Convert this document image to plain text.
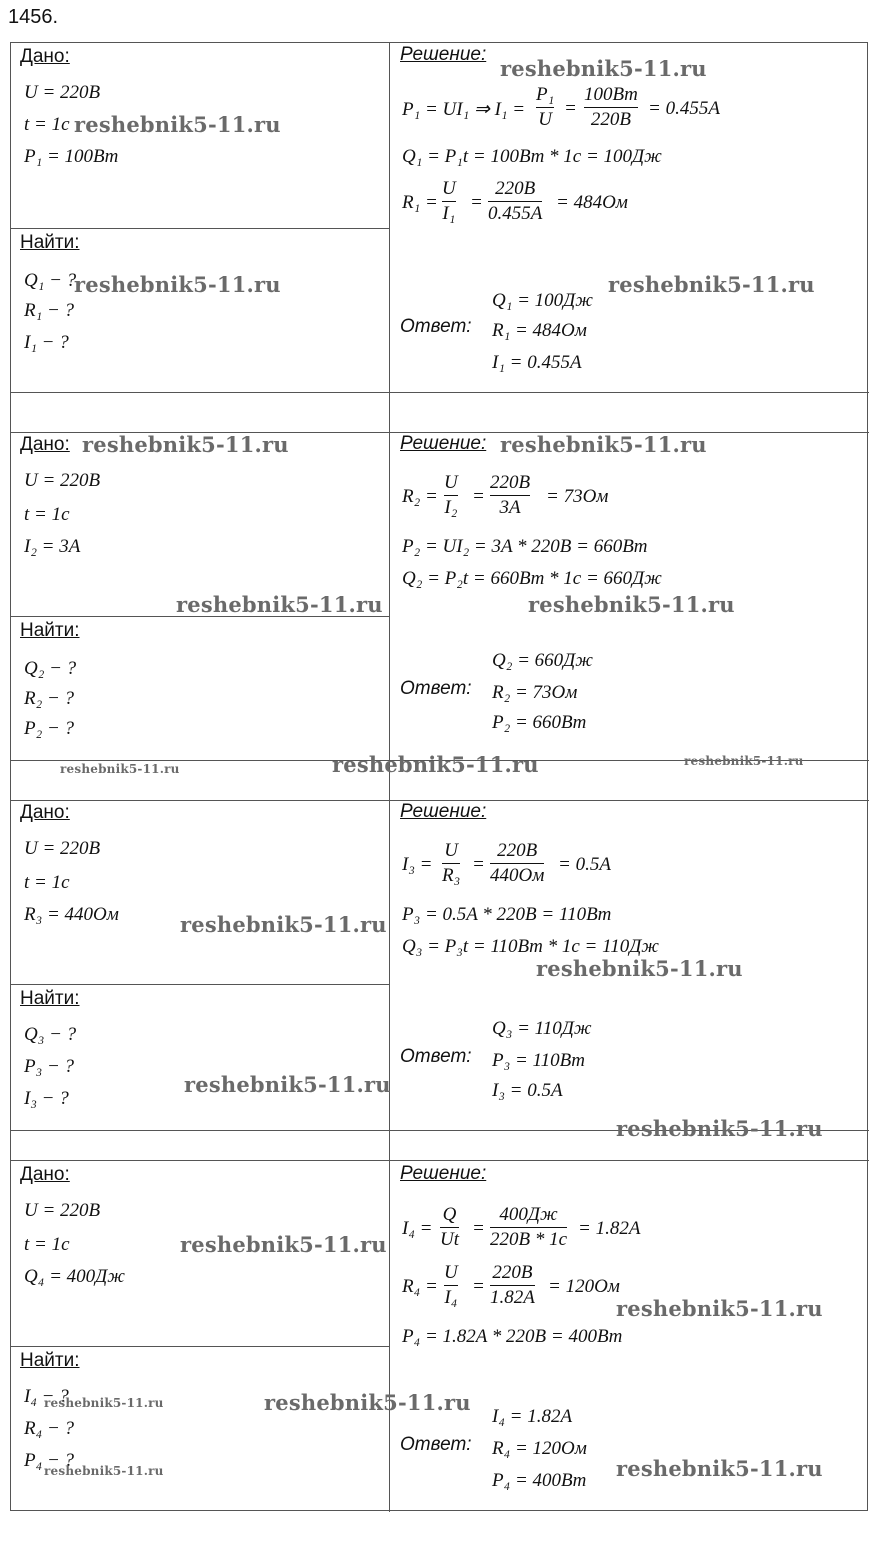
1456.
Дано:
U = 220B
t = 1c
P₁ = 100Bт
Найти:
Q₁ − ?
R₁ − ?
I₁ − ?
Решение:
P₁ = UI₁ ⇒ I₁ =
P₁
U
=
100Bт
220B
= 0.455A
Q₁ = P₁t = 100Bт * 1c = 100Дж
R₁ =
U
I₁
=
220B
0.455A
= 484Ом
Ответ:
Q₁ = 100Дж
R₁ = 484Ом
I₁ = 0.455A
Дано:
U = 220B
t = 1c
I₂ = 3A
Найти:
Q₂ − ?
R₂ − ?
P₂ − ?
Решение:
R₂ =
U
I₂
=
220B
3A
= 73Ом
P₂ = UI₂ = 3A * 220B = 660Bт
Q₂ = P₂t = 660Bт * 1c = 660Дж
Ответ:
Q₂ = 660Дж
R₂ = 73Ом
P₂ = 660Bт
Дано:
U = 220B
t = 1c
R₃ = 440Ом
Найти:
Q₃ − ?
P₃ − ?
I₃ − ?
Решение:
I₃ =
U
R₃
=
220B
440Ом
= 0.5A
P₃ = 0.5A * 220B = 110Bт
Q₃ = P₃t = 110Bт * 1c = 110Дж
Ответ:
Q₃ = 110Дж
P₃ = 110Bт
I₃ = 0.5A
Дано:
U = 220B
t = 1c
Q₄ = 400Дж
Найти:
I₄ − ?
R₄ − ?
P₄ − ?
Решение:
I₄ =
Q
Ut
=
400Дж
220B * 1c
= 1.82A
R₄ =
U
I₄
=
220B
1.82A
= 120Ом
P₄ = 1.82A * 220B = 400Bт
Ответ:
I₄ = 1.82A
R₄ = 120Ом
P₄ = 400Bт
reshebnik5-11.ru
reshebnik5-11.ru
reshebnik5-11.ru	reshebnik5-11.ru
reshebnik5-11.ru	reshebnik5-11.ru
reshebnik5-11.ru	reshebnik5-11.ru
reshebnik5-11.ru	reshebnik5-11.ru	reshebnik5-11.ru
reshebnik5-11.ru
reshebnik5-11.ru
reshebnik5-11.ru
reshebnik5-11.ru
reshebnik5-11.ru
reshebnik5-11.ru
reshebnik5-11.ru
reshebnik5-11.ru
reshebnik5-11.ru	reshebnik5-11.ru
